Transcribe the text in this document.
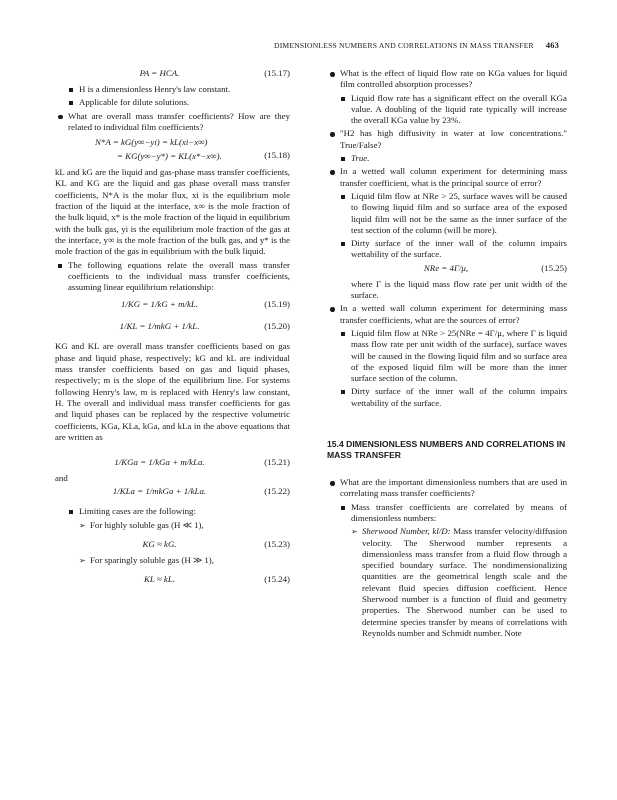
DIMENSIONLESS NUMBERS AND CORRELATIONS IN MASS TRANSFER 463
PA = HCA.	(15.17)

H is a dimensionless Henry's law constant.

Applicable for dilute solutions.

What are overall mass transfer coefficients? How are they related to individual film coefficients?

N*A = kG(y∞−yi) = kL(xi−x∞)
= KG(y∞−y*) = KL(x*−x∞).	(15.18)

kL and kG are the liquid and gas-phase mass transfer coefficients, KL and KG are the liquid and gas phase overall mass transfer coefficients, N*A is the molar flux, xi is the equilibrium mole fraction of the liquid at the interface, x∞ is the mole fraction of the bulk liquid, x* is the mole fraction of the liquid in equilibrium with the bulk gas, yi is the equilibrium mole fraction of the gas at the interface, y∞ is the mole fraction of the bulk gas, and y* is the mole fraction of the gas in equilibrium with the bulk liquid.

The following equations relate the overall mass transfer coefficients to the individual mass transfer coefficients, assuming linear equilibrium relationship:

1/KG = 1/kG + m/kL.	(15.19)
1/KL = 1/mkG + 1/kL.	(15.20)

KG and KL are overall mass transfer coefficients based on gas phase and liquid phase, respectively; kG and kL are individual mass transfer coefficients based on gas and liquid phases, respectively; m is the slope of the equilibrium line. For systems following Henry's law, m is replaced with Henry's law constant, H. The overall and individual mass transfer coefficients for gas and liquid phases can be replaced by the respective volumetric coefficients, KGa, KLa, kGa, and kLa in the above equations that are written as

1/KGa = 1/kGa + m/kLa.	(15.21)

and

1/KLa = 1/mkGa + 1/kLa.	(15.22)

Limiting cases are the following:

➢ For highly soluble gas (H ≪ 1),

KG ≈ kG.	(15.23)

➢ For sparingly soluble gas (H ≫ 1),

KL ≈ kL.	(15.24)

What is the effect of liquid flow rate on KGa values for liquid film controlled absorption processes?

Liquid flow rate has a significant effect on the overall KGa value. A doubling of the liquid rate typically will increase the overall KGa value by 23%.

"H2 has high diffusivity in water at low concentrations." True/False?

True.

In a wetted wall column experiment for determining mass transfer coefficient, what is the principal source of error?

Liquid film flow at NRe > 25, surface waves will be caused to flowing liquid film and so surface area of the exposed liquid film will not be the same as the inner surface of the test section of the column (will be more).

Dirty surface of the inner wall of the column impairs wettability of the surface.

NRe = 4Γ/μ,	(15.25)

where Γ is the liquid mass flow rate per unit width of the surface.

In a wetted wall column experiment for determining mass transfer coefficients, what are the sources of error?

Liquid film flow at NRe > 25(NRe = 4Γ/μ, where Γ is liquid mass flow rate per unit width of the surface), surface waves will be caused in the flowing liquid film and so surface area of the exposed liquid film will be more than the inner surface section of the column.

Dirty surface of the inner wall of the column impairs wettability of the surface.

15.4 DIMENSIONLESS NUMBERS AND CORRELATIONS IN MASS TRANSFER

What are the important dimensionless numbers that are used in correlating mass transfer coefficients?

Mass transfer coefficients are correlated by means of dimensionless numbers:

➢ Sherwood Number, kl/D: Mass transfer velocity/diffusion velocity. The Sherwood number represents a dimensionless mass transfer from a fluid flow through a specified boundary surface. The nondimensionalizing quantities are the geometrical length scale and the relevant fluid species diffusion coefficient. Hence Sherwood number is a function of fluid and geometry properties. The Sherwood number can be used to determine species transfer by means of correlations with Reynolds number and Schmidt number. Note
